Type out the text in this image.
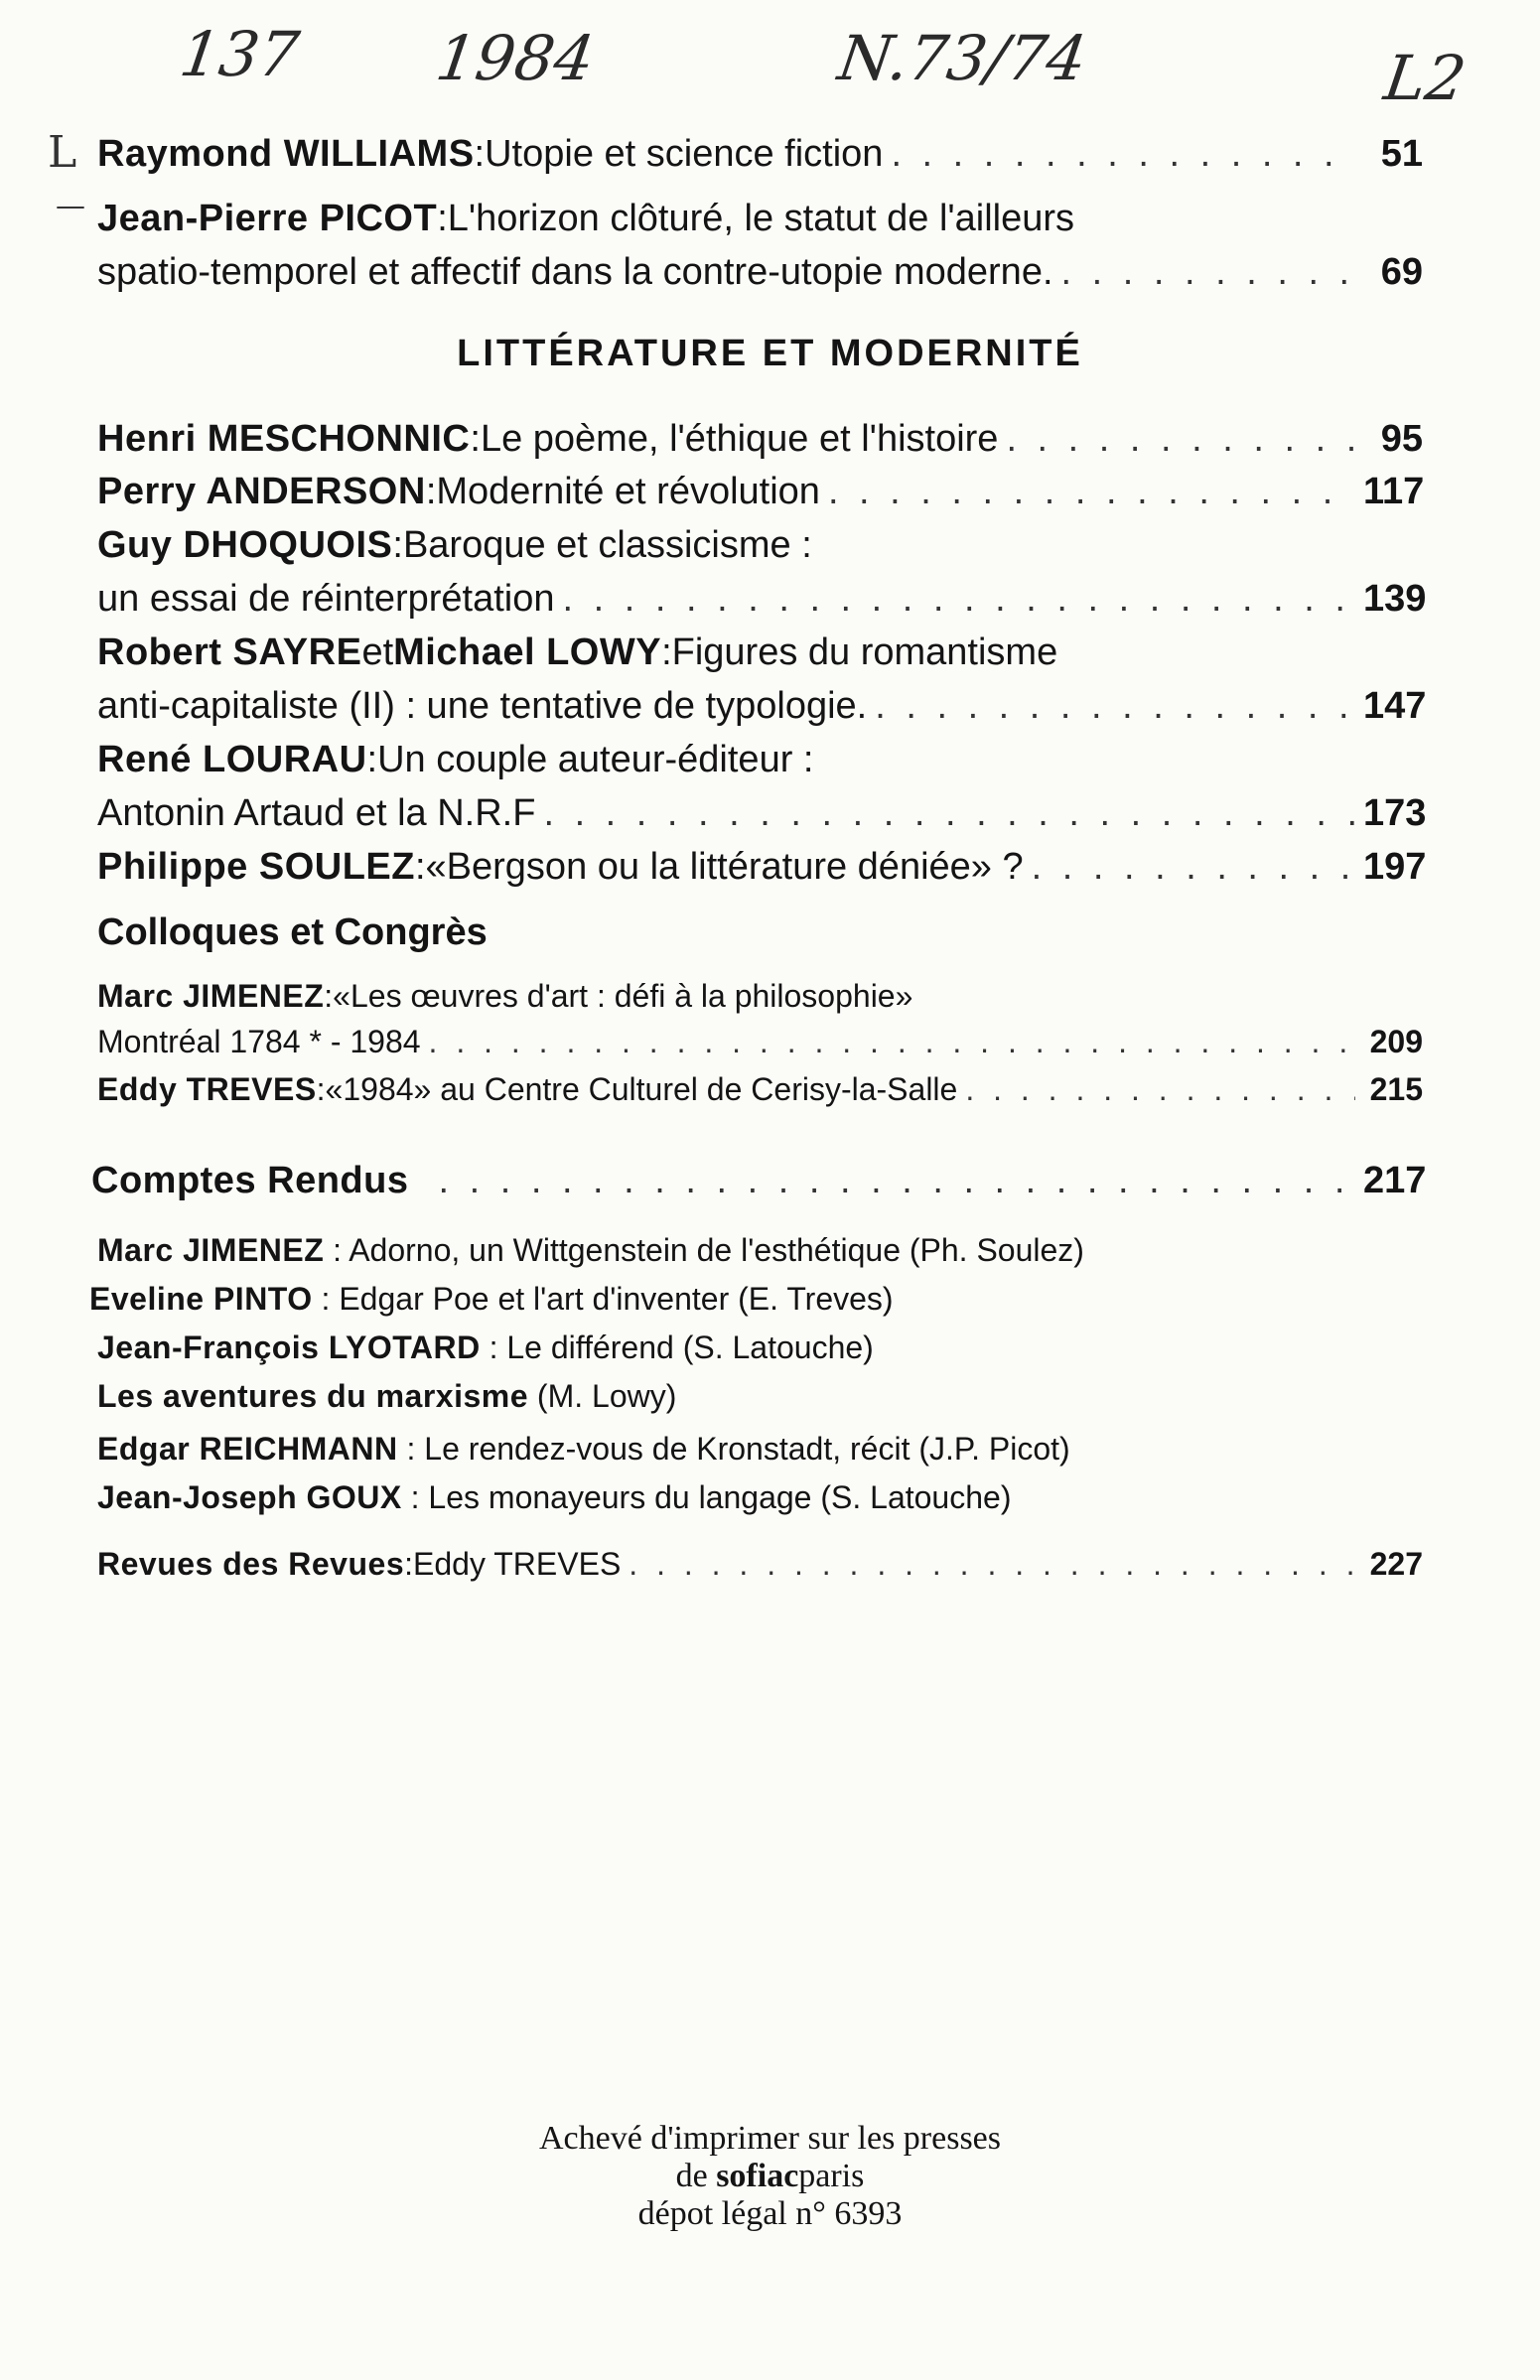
137 1984	N.73/74	L2
L
—
Raymond WILLIAMS : Utopie et science fiction . . .	51
Jean-Pierre PICOT : L'horizon clôturé, le statut de l'ailleurs
spatio-temporel et affectif dans la contre-utopie moderne. . . .	69
LITTÉRATURE ET MODERNITÉ
Henri MESCHONNIC : Le poème, l'éthique et l'histoire . . .	95
Perry ANDERSON : Modernité et révolution . . .	117
Guy DHOQUOIS : Baroque et classicisme :
un essai de réinterprétation . . .	139
Robert SAYRE et Michael LOWY : Figures du romantisme
anti-capitaliste (II) : une tentative de typologie. . . .	147
René LOURAU : Un couple auteur-éditeur :
Antonin Artaud et la N.R.F . . .	173
Philippe SOULEZ : «Bergson ou la littérature déniée» ? . . .	197
Colloques et Congrès
Marc JIMENEZ : «Les œuvres d'art : défi à la philosophie»
Montréal 1784 * - 1984 . . .	209
Eddy TREVES : «1984» au Centre Culturel de Cerisy-la-Salle . . .	215
Comptes Rendus . . .	217
Marc JIMENEZ : Adorno, un Wittgenstein de l'esthétique (Ph. Soulez)
Eveline PINTO : Edgar Poe et l'art d'inventer (E. Treves)
Jean-François LYOTARD : Le différend (S. Latouche)
Les aventures du marxisme (M. Lowy)
Edgar REICHMANN : Le rendez-vous de Kronstadt, récit (J.P. Picot)
Jean-Joseph GOUX : Les monayeurs du langage (S. Latouche)
Revues des Revues : Eddy TREVES . . .	227
Achevé d'imprimer sur les presses
de sofiacparis
dépot légal n° 6393
